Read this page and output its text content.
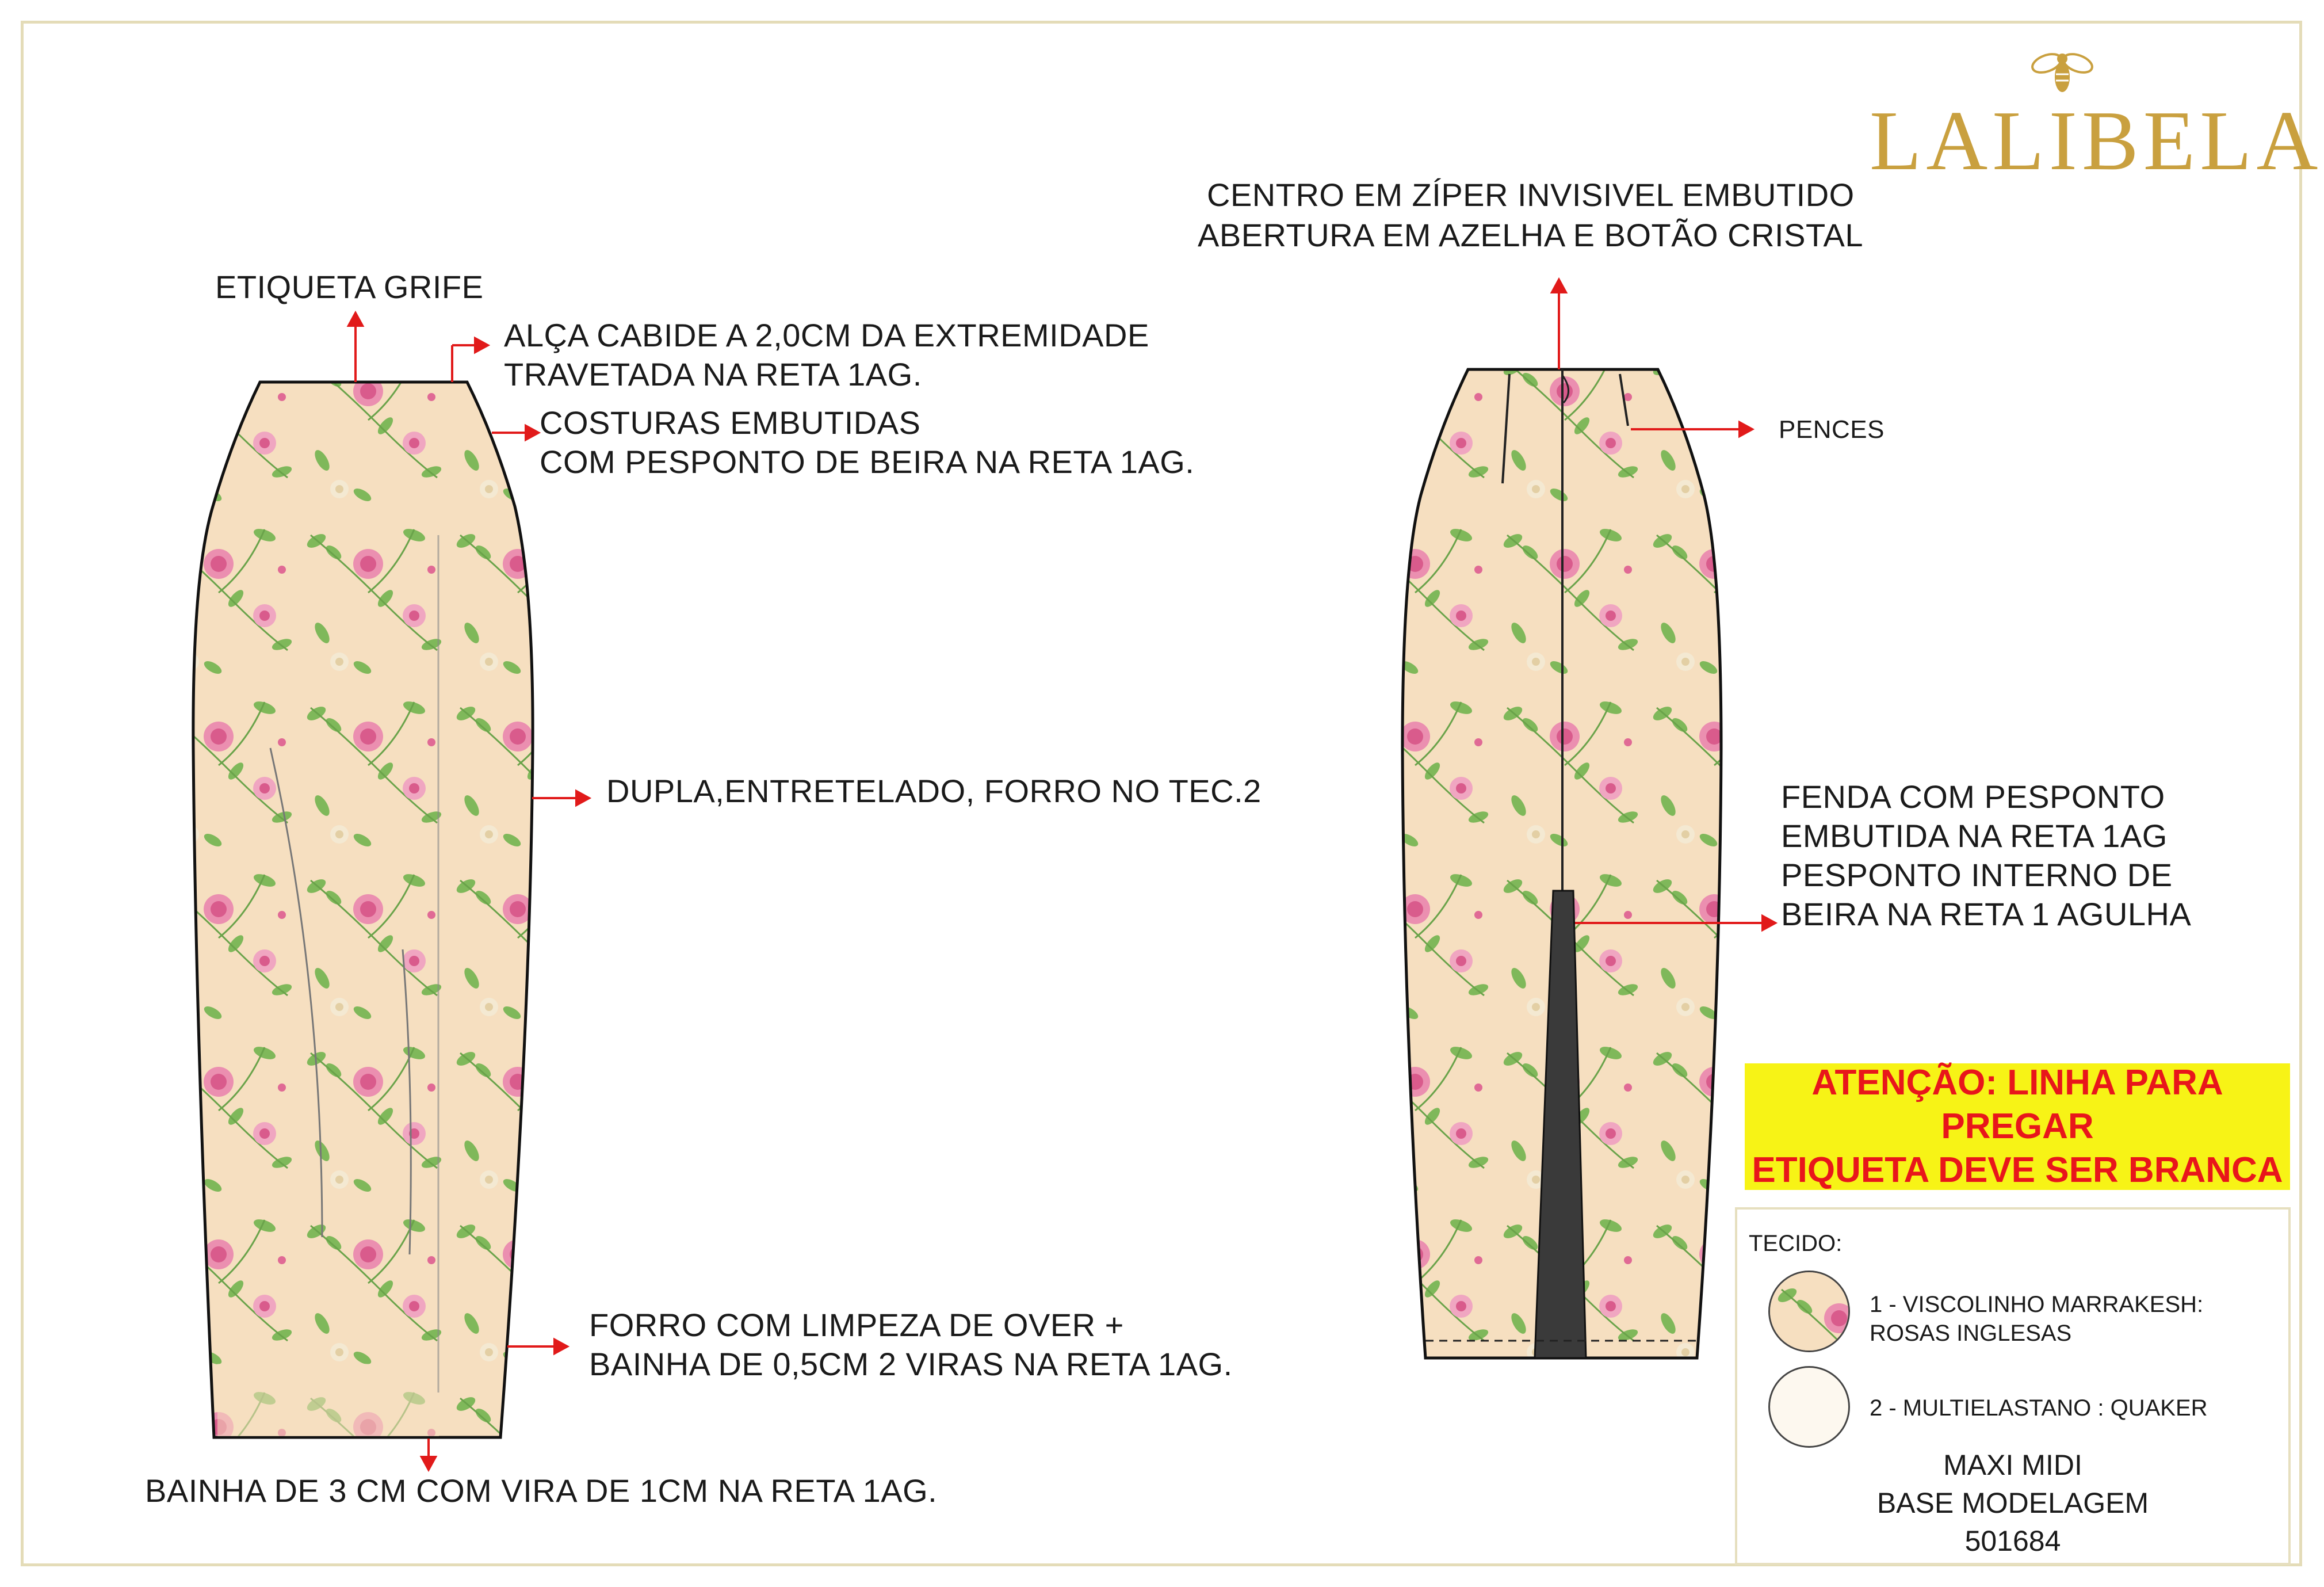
LALIBELA
ETIQUETA GRIFE
ALÇA CABIDE A 2,0CM DA EXTREMIDADE
TRAVETADA NA RETA 1AG.
COSTURAS EMBUTIDAS
COM PESPONTO DE BEIRA NA RETA 1AG.
DUPLA,ENTRETELADO, FORRO NO TEC.2
FORRO COM LIMPEZA DE OVER +
BAINHA DE 0,5CM 2 VIRAS NA RETA 1AG.
BAINHA DE 3 CM COM VIRA DE 1CM NA RETA 1AG.
CENTRO EM ZÍPER INVISIVEL EMBUTIDO
ABERTURA EM AZELHA E BOTÃO CRISTAL
PENCES
FENDA COM PESPONTO
EMBUTIDA NA RETA 1AG
PESPONTO INTERNO DE
BEIRA NA RETA 1 AGULHA
ATENÇÃO: LINHA PARA PREGAR
ETIQUETA DEVE SER BRANCA
TECIDO:
1 - VISCOLINHO MARRAKESH:
ROSAS INGLESAS
2 - MULTIELASTANO : QUAKER
MAXI MIDI
BASE MODELAGEM
501684
